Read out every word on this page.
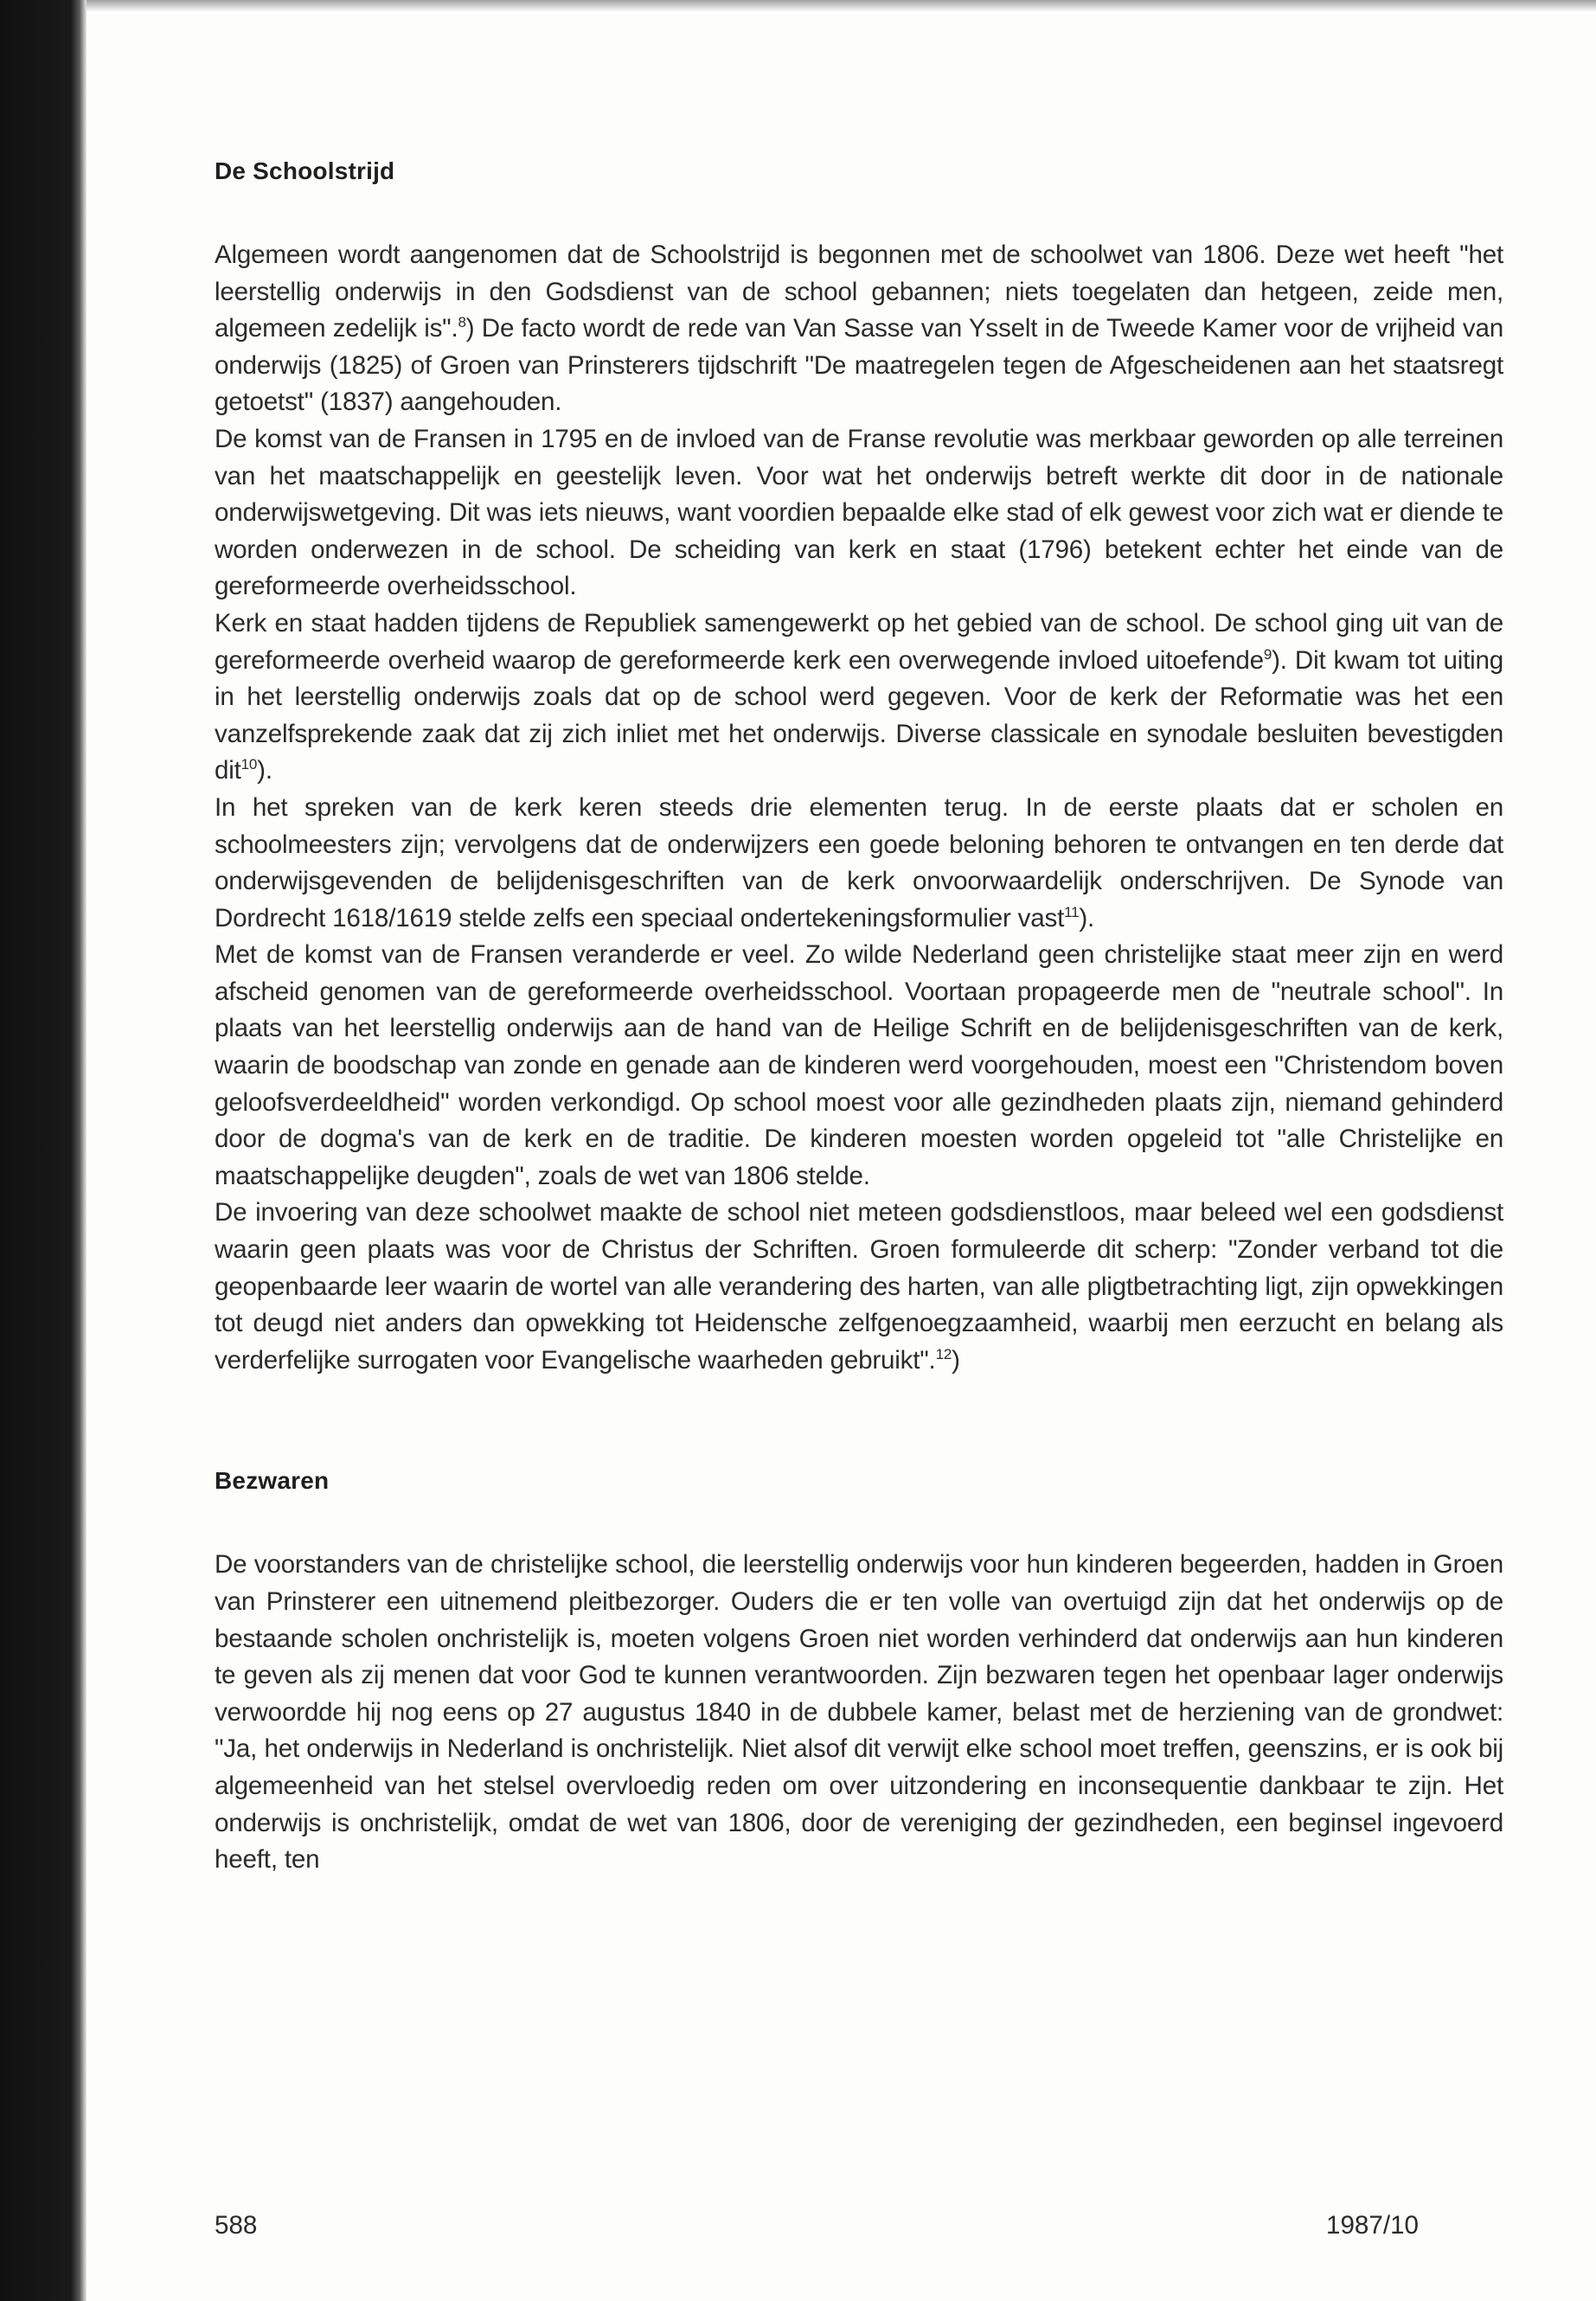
De Schoolstrijd

Algemeen wordt aangenomen dat de Schoolstrijd is begonnen met de schoolwet van 1806. Deze wet heeft "het leerstellig onderwijs in den Godsdienst van de school gebannen; niets toegelaten dan hetgeen, zeide men, algemeen zedelijk is".$^8$) De facto wordt de rede van Van Sasse van Ysselt in de Tweede Kamer voor de vrijheid van onderwijs (1825) of Groen van Prinsterers tijdschrift "De maatregelen tegen de Afgescheidenen aan het staatsregt getoetst" (1837) aangehouden.

De komst van de Fransen in 1795 en de invloed van de Franse revolutie was merkbaar geworden op alle terreinen van het maatschappelijk en geestelijk leven. Voor wat het onderwijs betreft werkte dit door in de nationale onderwijswetgeving. Dit was iets nieuws, want voordien bepaalde elke stad of elk gewest voor zich wat er diende te worden onderwezen in de school. De scheiding van kerk en staat (1796) betekent echter het einde van de gereformeerde overheidsschool.

Kerk en staat hadden tijdens de Republiek samengewerkt op het gebied van de school. De school ging uit van de gereformeerde overheid waarop de gereformeerde kerk een overwegende invloed uitoefende$^9$). Dit kwam tot uiting in het leerstellig onderwijs zoals dat op de school werd gegeven. Voor de kerk der Reformatie was het een vanzelfsprekende zaak dat zij zich inliet met het onderwijs. Diverse classicale en synodale besluiten bevestigden dit$^{10}$).

In het spreken van de kerk keren steeds drie elementen terug. In de eerste plaats dat er scholen en schoolmeesters zijn; vervolgens dat de onderwijzers een goede beloning behoren te ontvangen en ten derde dat onderwijsgevenden de belijdenisgeschriften van de kerk onvoorwaardelijk onderschrijven. De Synode van Dordrecht 1618/1619 stelde zelfs een speciaal ondertekeningsformulier vast$^{11}$).

Met de komst van de Fransen veranderde er veel. Zo wilde Nederland geen christelijke staat meer zijn en werd afscheid genomen van de gereformeerde overheidsschool. Voortaan propageerde men de "neutrale school". In plaats van het leerstellig onderwijs aan de hand van de Heilige Schrift en de belijdenisgeschriften van de kerk, waarin de boodschap van zonde en genade aan de kinderen werd voorgehouden, moest een "Christendom boven geloofsverdeeldheid" worden verkondigd. Op school moest voor alle gezindheden plaats zijn, niemand gehinderd door de dogma's van de kerk en de traditie. De kinderen moesten worden opgeleid tot "alle Christelijke en maatschappelijke deugden", zoals de wet van 1806 stelde.

De invoering van deze schoolwet maakte de school niet meteen godsdienstloos, maar beleed wel een godsdienst waarin geen plaats was voor de Christus der Schriften. Groen formuleerde dit scherp: "Zonder verband tot die geopenbaarde leer waarin de wortel van alle verandering des harten, van alle pligtbetrachting ligt, zijn opwekkingen tot deugd niet anders dan opwekking tot Heidensche zelfgenoegzaamheid, waarbij men eerzucht en belang als verderfelijke surrogaten voor Evangelische waarheden gebruikt".$^{12}$)

Bezwaren

De voorstanders van de christelijke school, die leerstellig onderwijs voor hun kinderen begeerden, hadden in Groen van Prinsterer een uitnemend pleitbezorger. Ouders die er ten volle van overtuigd zijn dat het onderwijs op de bestaande scholen onchristelijk is, moeten volgens Groen niet worden verhinderd dat onderwijs aan hun kinderen te geven als zij menen dat voor God te kunnen verantwoorden. Zijn bezwaren tegen het openbaar lager onderwijs verwoordde hij nog eens op 27 augustus 1840 in de dubbele kamer, belast met de herziening van de grondwet: "Ja, het onderwijs in Nederland is onchristelijk. Niet alsof dit verwijt elke school moet treffen, geenszins, er is ook bij algemeenheid van het stelsel overvloedig reden om over uitzondering en inconsequentie dankbaar te zijn. Het onderwijs is onchristelijk, omdat de wet van 1806, door de vereniging der gezindheden, een beginsel ingevoerd heeft, ten

588	1987/10
